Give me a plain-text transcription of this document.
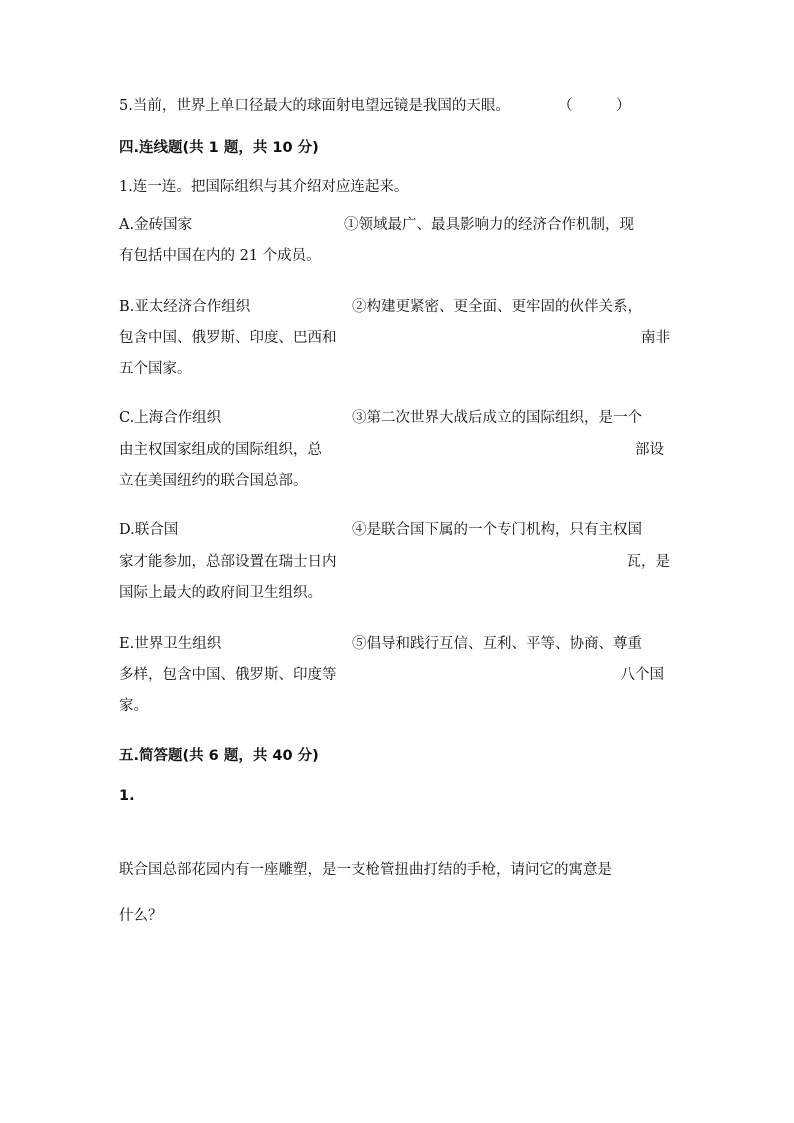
5.当前，世界上单口径最大的球面射电望远镜是我国的天眼。	（　　　）

四.连线题(共 1 题，共 10 分)

1.连一连。把国际组织与其介绍对应连起来。

A.金砖国家	①领域最广、最具影响力的经济合作机制，现

有包括中国在内的 21 个成员。

B.亚太经济合作组织	②构建更紧密、更全面、更牢固的伙伴关系，

包含中国、俄罗斯、印度、巴西和	南非

五个国家。

C.上海合作组织	③第二次世界大战后成立的国际组织，是一个

由主权国家组成的国际组织，总	部设

立在美国纽约的联合国总部。

D.联合国	④是联合国下属的一个专门机构，只有主权国

家才能参加，总部设置在瑞士日内	瓦，是

国际上最大的政府间卫生组织。

E.世界卫生组织	⑤倡导和践行互信、互利、平等、协商、尊重

多样，包含中国、俄罗斯、印度等	八个国

家。

五.简答题(共 6 题，共 40 分)

1.

联合国总部花园内有一座雕塑，是一支枪管扭曲打结的手枪，请问它的寓意是

什么？
